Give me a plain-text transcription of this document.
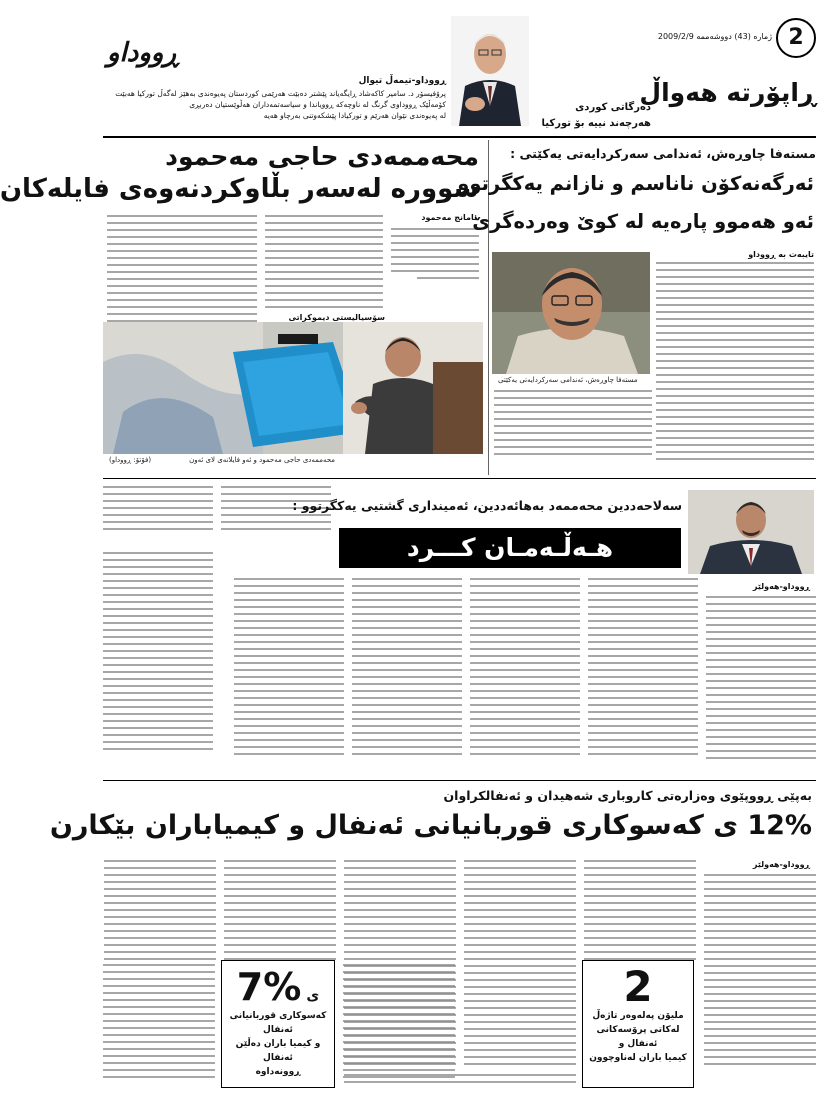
2
ژمارە (43) دووشەممە 2009/2/9
ڕاپۆرتە هەواڵ
دەرگاتی کوردی
هەرچەند نییە بۆ تورکیا
ڕووداو-تیمەڵ تیوال
پرۆفیسۆر د. سامیر کاکەشاد ڕایگەیاند پێشتر دەبێت هەرێمی کوردستان پەیوەندی بەهێز لەگەڵ تورکیا هەبێت
کۆمەڵێک ڕووداوی گرنگ لە ناوچەکە ڕوویاندا و سیاسەتمەداران هەڵوێستیان دەربڕی
لە پەیوەندی نێوان هەرێم و تورکیادا پێشکەوتنی بەرچاو هەیە
ڕووداو
محەممەدی حاجی مەحمود
سوورە لەسەر بڵاوکردنەوەی فایلەکان
ئامانج مەحمود
سۆسیالیستی دیموکراتی
محەممەدی حاجی مەحمود و ئەو فایلانەی لای ئەون
(فۆتۆ: ڕووداو)
مستەفا چاوڕەش، ئەندامی سەرکردایەتی یەکێتی :
ئەرگەنەکۆن ناناسم و نازانم یەکگرتوو
ئەو هەموو پارەیە لە کوێ وەردەگرێ
تایبەت بە ڕووداو
مستەفا چاوڕەش، ئەندامی سەرکردایەتی یەکێتی
سەلاحەددین محەممەد بەهائەددین، ئەمینداری گشتیی یەکگرتوو :
هـەڵـەمـان کـــرد
ڕووداو-هەولێر
بەپێی ڕووپێوی وەزارەتی کاروباری شەهیدان و ئەنفالکراوان
12% ی کەسوکاری قوربانیانی ئەنفال و کیمیاباران بێکارن
ڕووداو-هەولێر
2
ملیۆن پەلەوەر تاژەڵ
لەکاتی پرۆسەکانی ئەنفال و
کیمیا باران لەناوچوون
ی 7%
کەسوکاری قوربانیانی ئەنفال
و کیمیا باران دەڵێن ئەنفال
ڕوونەداوە
